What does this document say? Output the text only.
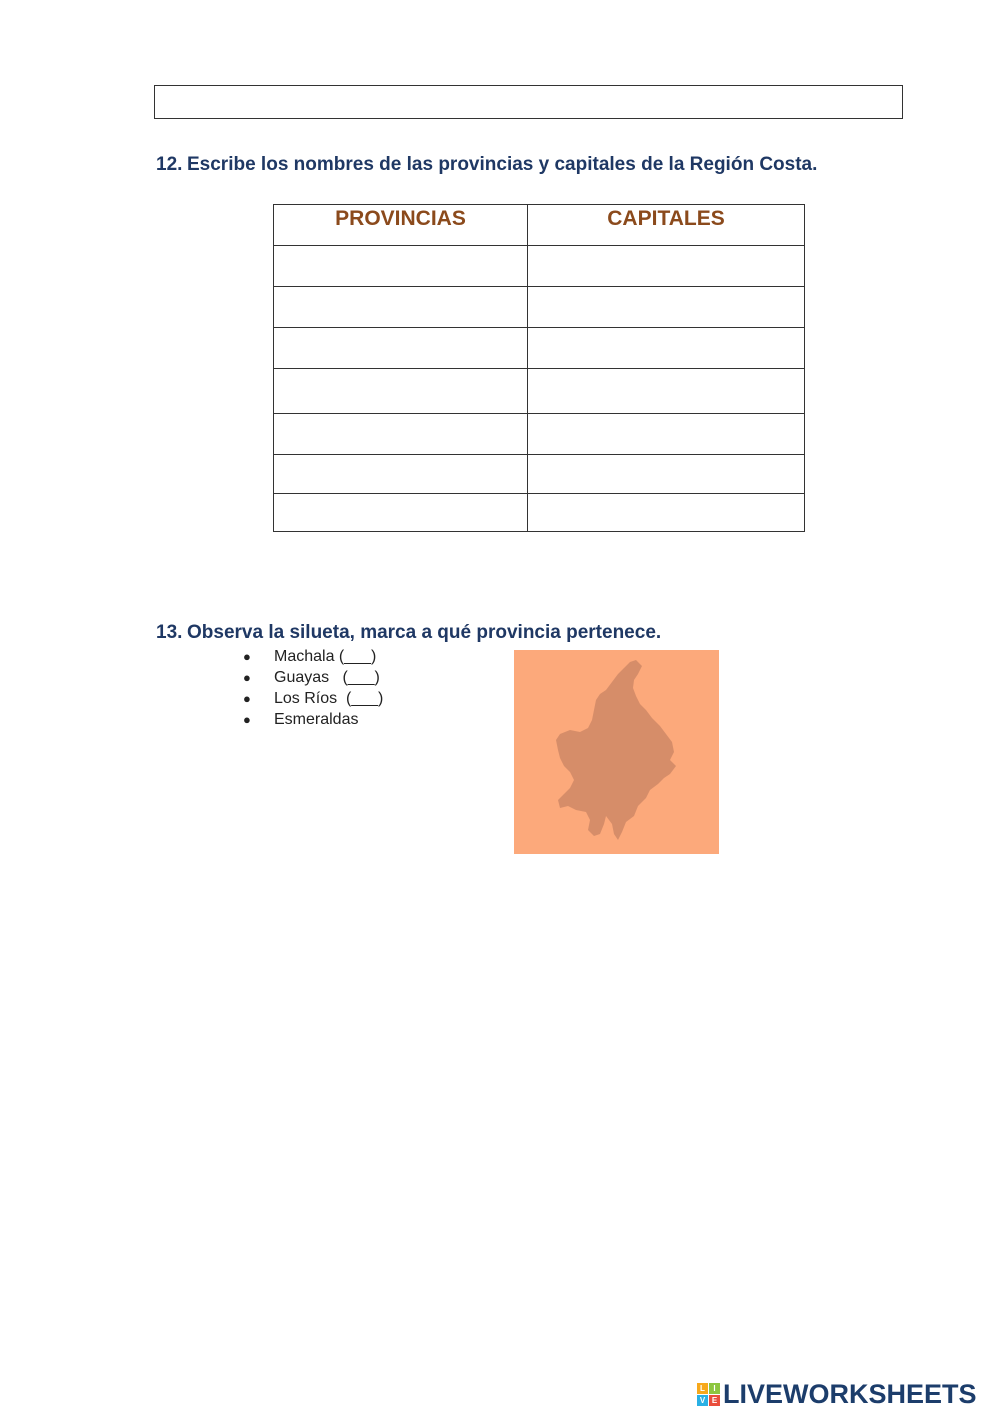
12. Escribe los nombres de las provincias y capitales de la Región Costa.
PROVINCIAS	CAPITALES

13. Observa la silueta, marca a qué provincia pertenece.
● Machala (___)
● Guayas   (___)
● Los Ríos  (___)
● Esmeraldas
L	I
V E LIVEWORKSHEETS
